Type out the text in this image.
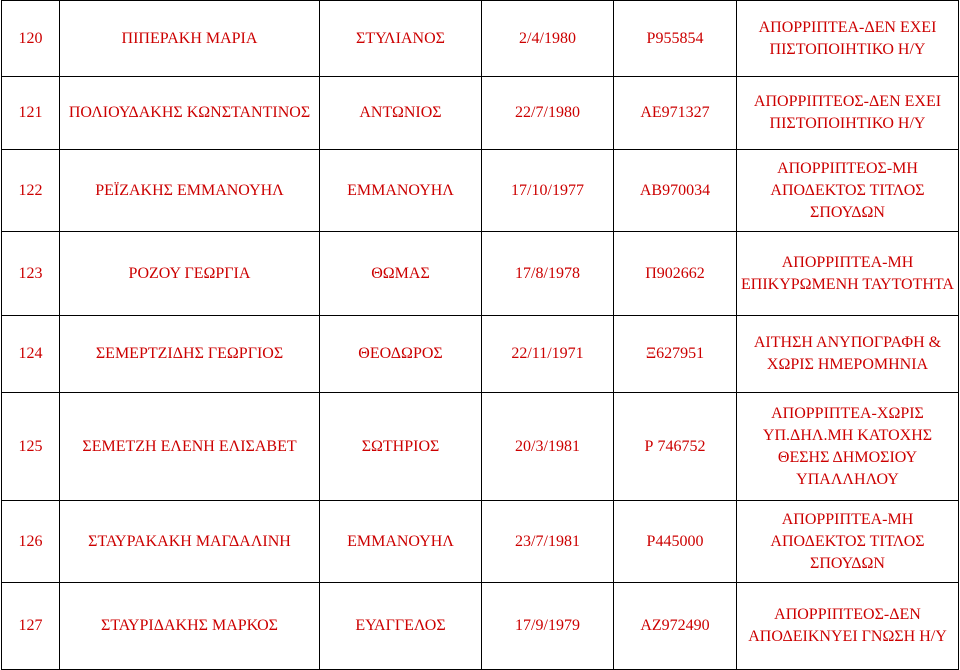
120	ΠΙΠΕΡΑΚΗ ΜΑΡΙΑ	ΣΤΥΛΙΑΝΟΣ	2/4/1980	Ρ955854	ΑΠΟΡΡΙΠΤΕΑ-ΔΕΝ ΕΧΕΙ ΠΙΣΤΟΠΟΙΗΤΙΚΟ Η/Υ
121	ΠΟΛΙΟΥΔΑΚΗΣ ΚΩΝΣΤΑΝΤΙΝΟΣ	ΑΝΤΩΝΙΟΣ	22/7/1980	ΑΕ971327	ΑΠΟΡΡΙΠΤΕΟΣ-ΔΕΝ ΕΧΕΙ ΠΙΣΤΟΠΟΙΗΤΙΚΟ Η/Υ
122	ΡΕΪΖΑΚΗΣ ΕΜΜΑΝΟΥΗΛ	ΕΜΜΑΝΟΥΗΛ	17/10/1977	ΑΒ970034	ΑΠΟΡΡΙΠΤΕΟΣ-ΜΗ ΑΠΟΔΕΚΤΟΣ ΤΙΤΛΟΣ ΣΠΟΥΔΩΝ
123	ΡΟΖΟΥ ΓΕΩΡΓΙΑ	ΘΩΜΑΣ	17/8/1978	Π902662	ΑΠΟΡΡΙΠΤΕΑ-ΜΗ ΕΠΙΚΥΡΩΜΕΝΗ ΤΑΥΤΟΤΗΤΑ
124	ΣΕΜΕΡΤΖΙΔΗΣ ΓΕΩΡΓΙΟΣ	ΘΕΟΔΩΡΟΣ	22/11/1971	Ξ627951	ΑΙΤΗΣΗ ΑΝΥΠΟΓΡΑΦΗ & ΧΩΡΙΣ ΗΜΕΡΟΜΗΝΙΑ
125	ΣΕΜΕΤΖΗ ΕΛΕΝΗ ΕΛΙΣΑΒΕΤ	ΣΩΤΗΡΙΟΣ	20/3/1981	Ρ 746752	ΑΠΟΡΡΙΠΤΕΑ-ΧΩΡΙΣ ΥΠ.ΔΗΛ.ΜΗ ΚΑΤΟΧΗΣ ΘΕΣΗΣ ΔΗΜΟΣΙΟΥ ΥΠΑΛΛΗΛΟΥ
126	ΣΤΑΥΡΑΚΑΚΗ ΜΑΓΔΑΛΙΝΗ	ΕΜΜΑΝΟΥΗΛ	23/7/1981	Ρ445000	ΑΠΟΡΡΙΠΤΕΑ-ΜΗ ΑΠΟΔΕΚΤΟΣ ΤΙΤΛΟΣ ΣΠΟΥΔΩΝ
127	ΣΤΑΥΡΙΔΑΚΗΣ ΜΑΡΚΟΣ	ΕΥΑΓΓΕΛΟΣ	17/9/1979	ΑΖ972490	ΑΠΟΡΡΙΠΤΕΟΣ-ΔΕΝ ΑΠΟΔΕΙΚΝΥΕΙ ΓΝΩΣΗ Η/Υ
